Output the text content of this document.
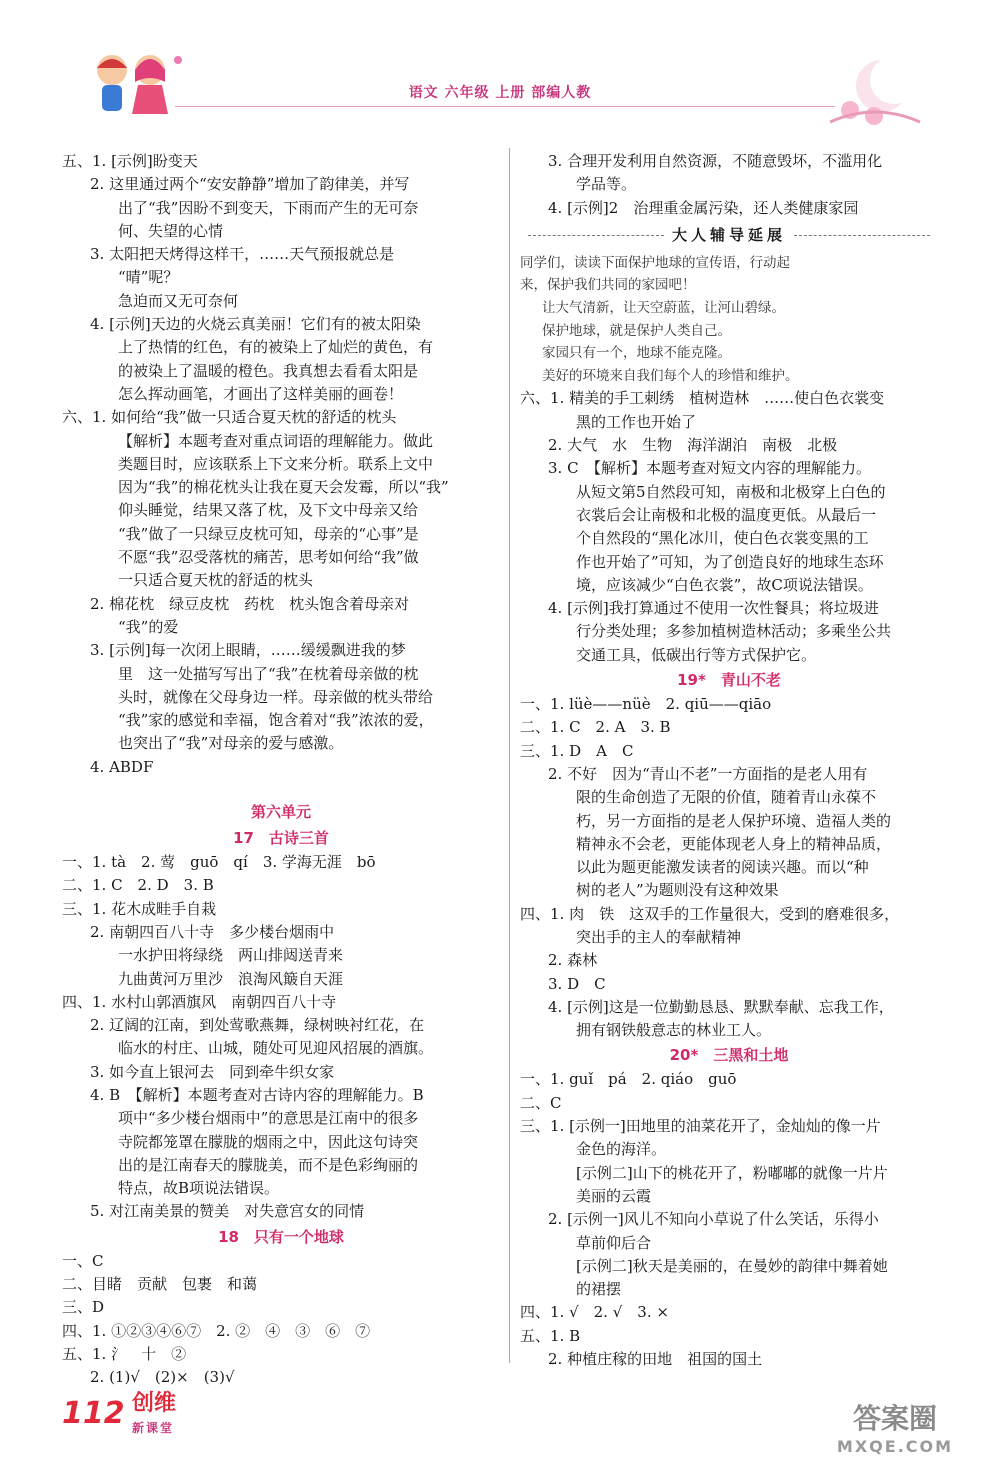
语文 六年级 上册 部编人教
五、1. [示例]盼变天
2. 这里通过两个“安安静静”增加了韵律美，并写
出了“我”因盼不到变天，下雨而产生的无可奈
何、失望的心情
3. 太阳把天烤得这样干，……天气预报就总是
“晴”呢？
急迫而又无可奈何
4. [示例]天边的火烧云真美丽！它们有的被太阳染
上了热情的红色，有的被染上了灿烂的黄色，有
的被染上了温暖的橙色。我真想去看看太阳是
怎么挥动画笔，才画出了这样美丽的画卷！
六、1. 如何给“我”做一只适合夏天枕的舒适的枕头
【解析】本题考查对重点词语的理解能力。做此
类题目时，应该联系上下文来分析。联系上文中
因为“我”的棉花枕头让我在夏天会发霉，所以“我”
仰头睡觉，结果又落了枕，及下文中母亲又给
“我”做了一只绿豆皮枕可知，母亲的“心事”是
不愿“我”忍受落枕的痛苦，思考如何给“我”做
一只适合夏天枕的舒适的枕头
2. 棉花枕　绿豆皮枕　药枕　枕头饱含着母亲对
“我”的爱
3. [示例]每一次闭上眼睛，……缓缓飘进我的梦
里　这一处描写写出了“我”在枕着母亲做的枕
头时，就像在父母身边一样。母亲做的枕头带给
“我”家的感觉和幸福，饱含着对“我”浓浓的爱，
也突出了“我”对母亲的爱与感激。
4. ABDF
第六单元
17　古诗三首
一、1. tà　2. 莺　guō　qí　3. 学海无涯　bō
二、1. C　2. D　3. B
三、1. 花木成畦手自栽
2. 南朝四百八十寺　多少楼台烟雨中
一水护田将绿绕　两山排闼送青来
九曲黄河万里沙　浪淘风簸自天涯
四、1. 水村山郭酒旗风　南朝四百八十寺
2. 辽阔的江南，到处莺歌燕舞，绿树映衬红花，在
临水的村庄、山城，随处可见迎风招展的酒旗。
3. 如今直上银河去　同到牵牛织女家
4. B　【解析】本题考查对古诗内容的理解能力。B
项中“多少楼台烟雨中”的意思是江南中的很多
寺院都笼罩在朦胧的烟雨之中，因此这句诗突
出的是江南春天的朦胧美，而不是色彩绚丽的
特点，故B项说法错误。
5. 对江南美景的赞美　对失意宫女的同情
18　只有一个地球
一、C
二、目睹　贡献　包裹　和蔼
三、D
四、1. ①②③④⑥⑦　2. ②　④　③　⑥　⑦
五、1. 氵　十　②
2. (1)√　(2)×　(3)√
3. 合理开发利用自然资源，不随意毁坏，不滥用化
学品等。
4. [示例]2　治理重金属污染，还人类健康家园
大人辅导延展
同学们，读读下面保护地球的宣传语，行动起
来，保护我们共同的家园吧！
让大气清新，让天空蔚蓝，让河山碧绿。
保护地球，就是保护人类自己。
家园只有一个，地球不能克隆。
美好的环境来自我们每个人的珍惜和维护。
六、1. 精美的手工刺绣　植树造林　……使白色衣裳变
黑的工作也开始了
2. 大气　水　生物　海洋湖泊　南极　北极
3. C　【解析】本题考查对短文内容的理解能力。
从短文第5自然段可知，南极和北极穿上白色的
衣裳后会让南极和北极的温度更低。从最后一
个自然段的“黑化冰川，使白色衣裳变黑的工
作也开始了”可知，为了创造良好的地球生态环
境，应该减少“白色衣裳”，故C项说法错误。
4. [示例]我打算通过不使用一次性餐具；将垃圾进
行分类处理；多参加植树造林活动；多乘坐公共
交通工具，低碳出行等方式保护它。
19*　青山不老
一、1. lüè——nüè　2. qiū——qiāo
二、1. C　2. A　3. B
三、1. D　A　C
2. 不好　因为“青山不老”一方面指的是老人用有
限的生命创造了无限的价值，随着青山永葆不
朽，另一方面指的是老人保护环境、造福人类的
精神永不会老，更能体现老人身上的精神品质，
以此为题更能激发读者的阅读兴趣。而以“种
树的老人”为题则没有这种效果
四、1. 肉　铁　这双手的工作量很大，受到的磨难很多，
突出手的主人的奉献精神
2. 森林
3. D　C
4. [示例]这是一位勤勤恳恳、默默奉献、忘我工作，
拥有钢铁般意志的林业工人。
20*　三黑和土地
一、1. guǐ　pá　2. qiáo　guō
二、C
三、1. [示例一]田地里的油菜花开了，金灿灿的像一片
金色的海洋。
[示例二]山下的桃花开了，粉嘟嘟的就像一片片
美丽的云霞
2. [示例一]风儿不知向小草说了什么笑话，乐得小
草前仰后合
[示例二]秋天是美丽的，在曼妙的韵律中舞着她
的裙摆
四、1. √　2. √　3. ×
五、1. B
2. 种植庄稼的田地　祖国的国土
112 创维
新课堂	答案圈
MXQE.COM
